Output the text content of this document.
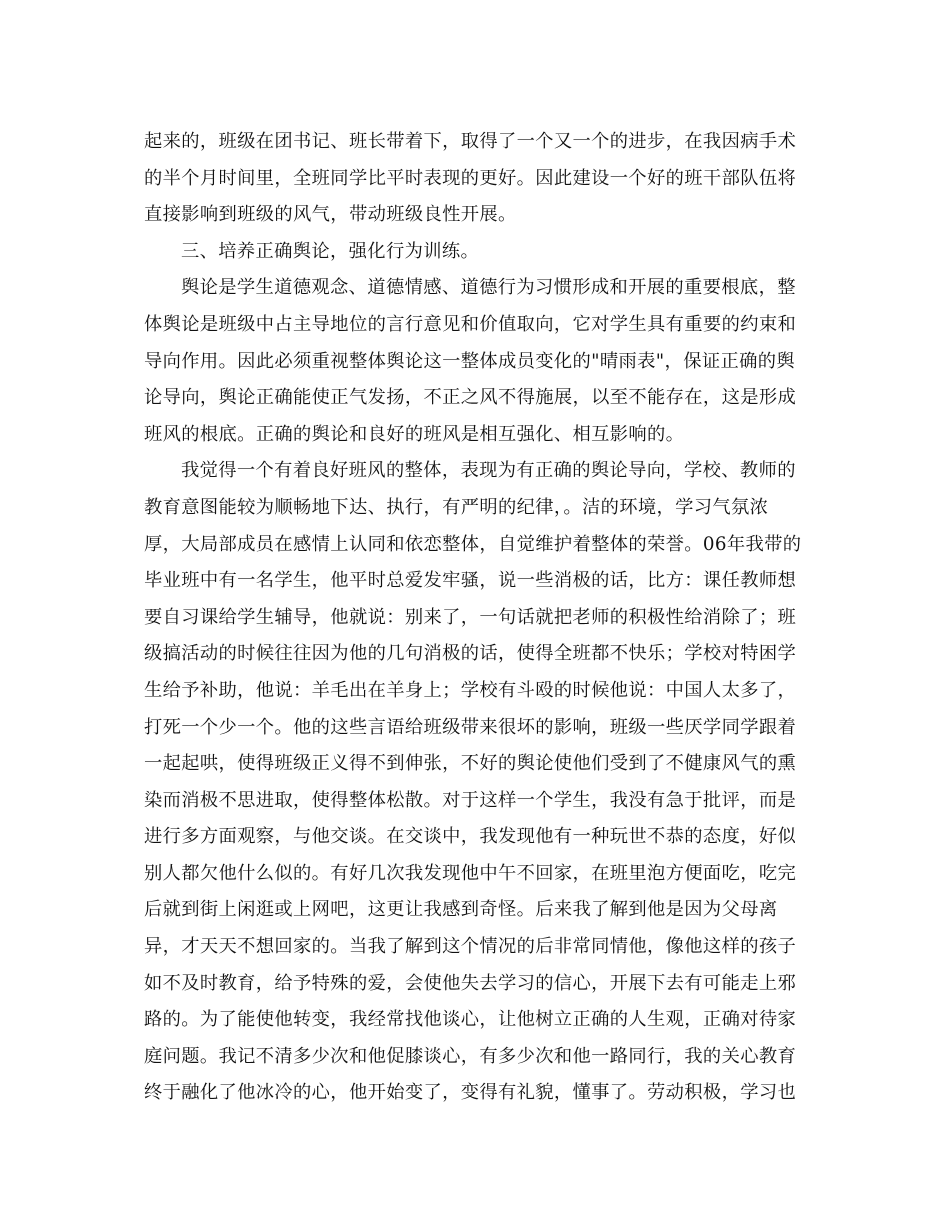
起来的，班级在团书记、班长带着下，取得了一个又一个的进步，在我因病手术
的半个月时间里，全班同学比平时表现的更好。因此建设一个好的班干部队伍将
直接影响到班级的风气，带动班级良性开展。
三、培养正确舆论，强化行为训练。
舆论是学生道德观念、道德情感、道德行为习惯形成和开展的重要根底，整
体舆论是班级中占主导地位的言行意见和价值取向，它对学生具有重要的约束和
导向作用。因此必须重视整体舆论这一整体成员变化的"晴雨表"，保证正确的舆
论导向，舆论正确能使正气发扬，不正之风不得施展，以至不能存在，这是形成
班风的根底。正确的舆论和良好的班风是相互强化、相互影响的。
我觉得一个有着良好班风的整体，表现为有正确的舆论导向，学校、教师的
教育意图能较为顺畅地下达、执行，有严明的纪律，。洁的环境，学习气氛浓
厚，大局部成员在感情上认同和依恋整体，自觉维护着整体的荣誉。06年我带的
毕业班中有一名学生，他平时总爱发牢骚，说一些消极的话，比方：课任教师想
要自习课给学生辅导，他就说：别来了，一句话就把老师的积极性给消除了；班
级搞活动的时候往往因为他的几句消极的话，使得全班都不快乐；学校对特困学
生给予补助，他说：羊毛出在羊身上；学校有斗殴的时候他说：中国人太多了，
打死一个少一个。他的这些言语给班级带来很坏的影响，班级一些厌学同学跟着
一起起哄，使得班级正义得不到伸张，不好的舆论使他们受到了不健康风气的熏
染而消极不思进取，使得整体松散。对于这样一个学生，我没有急于批评，而是
进行多方面观察，与他交谈。在交谈中，我发现他有一种玩世不恭的态度，好似
别人都欠他什么似的。有好几次我发现他中午不回家，在班里泡方便面吃，吃完
后就到街上闲逛或上网吧，这更让我感到奇怪。后来我了解到他是因为父母离
异，才天天不想回家的。当我了解到这个情况的后非常同情他，像他这样的孩子
如不及时教育，给予特殊的爱，会使他失去学习的信心，开展下去有可能走上邪
路的。为了能使他转变，我经常找他谈心，让他树立正确的人生观，正确对待家
庭问题。我记不清多少次和他促膝谈心，有多少次和他一路同行，我的关心教育
终于融化了他冰冷的心，他开始变了，变得有礼貌，懂事了。劳动积极，学习也
